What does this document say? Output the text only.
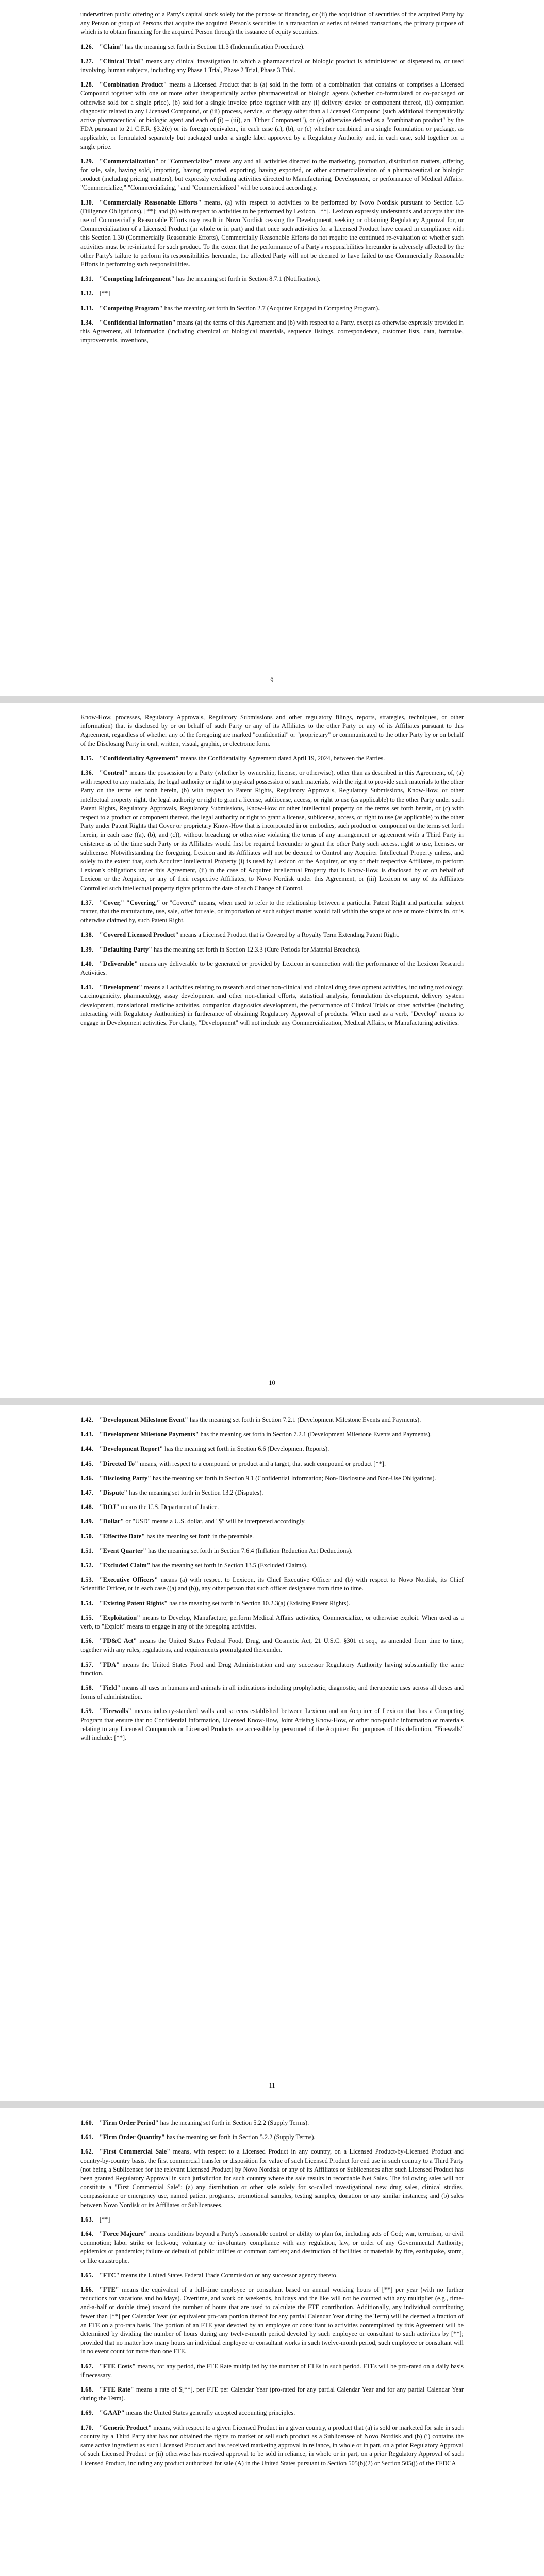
underwritten public offering of a Party's capital stock solely for the purpose of financing, or (ii) the acquisition of securities of the acquired Party by any Person or group of Persons that acquire the acquired Person's securities in a transaction or series of related transactions, the primary purpose of which is to obtain financing for the acquired Person through the issuance of equity securities.

1.26. "Claim" has the meaning set forth in Section 11.3 (Indemnification Procedure).

1.27. "Clinical Trial" means any clinical investigation in which a pharmaceutical or biologic product is administered or dispensed to, or used involving, human subjects, including any Phase 1 Trial, Phase 2 Trial, Phase 3 Trial.

1.28. "Combination Product" means a Licensed Product that is (a) sold in the form of a combination that contains or comprises a Licensed Compound together with one or more other therapeutically active pharmaceutical or biologic agents (whether co-formulated or co-packaged or otherwise sold for a single price), (b) sold for a single invoice price together with any (i) delivery device or component thereof, (ii) companion diagnostic related to any Licensed Compound, or (iii) process, service, or therapy other than a Licensed Compound (such additional therapeutically active pharmaceutical or biologic agent and each of (i) – (iii), an "Other Component"), or (c) otherwise defined as a "combination product" by the FDA pursuant to 21 C.F.R. §3.2(e) or its foreign equivalent, in each case (a), (b), or (c) whether combined in a single formulation or package, as applicable, or formulated separately but packaged under a single label approved by a Regulatory Authority and, in each case, sold together for a single price.

1.29. "Commercialization" or "Commercialize" means any and all activities directed to the marketing, promotion, distribution matters, offering for sale, sale, having sold, importing, having imported, exporting, having exported, or other commercialization of a pharmaceutical or biologic product (including pricing matters), but expressly excluding activities directed to Manufacturing, Development, or performance of Medical Affairs. "Commercialize," "Commercializing," and "Commercialized" will be construed accordingly.

1.30. "Commercially Reasonable Efforts" means, (a) with respect to activities to be performed by Novo Nordisk pursuant to Section 6.5 (Diligence Obligations), [**]; and (b) with respect to activities to be performed by Lexicon, [**]. Lexicon expressly understands and accepts that the use of Commercially Reasonable Efforts may result in Novo Nordisk ceasing the Development, seeking or obtaining Regulatory Approval for, or Commercialization of a Licensed Product (in whole or in part) and that once such activities for a Licensed Product have ceased in compliance with this Section 1.30 (Commercially Reasonable Efforts), Commercially Reasonable Efforts do not require the continued re-evaluation of whether such activities must be re-initiated for such product. To the extent that the performance of a Party's responsibilities hereunder is adversely affected by the other Party's failure to perform its responsibilities hereunder, the affected Party will not be deemed to have failed to use Commercially Reasonable Efforts in performing such responsibilities.

1.31. "Competing Infringement" has the meaning set forth in Section 8.7.1 (Notification).

1.32. [**]

1.33. "Competing Program" has the meaning set forth in Section 2.7 (Acquirer Engaged in Competing Program).

1.34. "Confidential Information" means (a) the terms of this Agreement and (b) with respect to a Party, except as otherwise expressly provided in this Agreement, all information (including chemical or biological materials, sequence listings, correspondence, customer lists, data, formulae, improvements, inventions,

9

Know-How, processes, Regulatory Approvals, Regulatory Submissions and other regulatory filings, reports, strategies, techniques, or other information) that is disclosed by or on behalf of such Party or any of its Affiliates to the other Party or any of its Affiliates pursuant to this Agreement, regardless of whether any of the foregoing are marked "confidential" or "proprietary" or communicated to the other Party by or on behalf of the Disclosing Party in oral, written, visual, graphic, or electronic form.

1.35. "Confidentiality Agreement" means the Confidentiality Agreement dated April 19, 2024, between the Parties.

1.36. "Control" means the possession by a Party (whether by ownership, license, or otherwise), other than as described in this Agreement, of, (a) with respect to any materials, the legal authority or right to physical possession of such materials, with the right to provide such materials to the other Party on the terms set forth herein, (b) with respect to Patent Rights, Regulatory Approvals, Regulatory Submissions, Know-How, or other intellectual property right, the legal authority or right to grant a license, sublicense, access, or right to use (as applicable) to the other Party under such Patent Rights, Regulatory Approvals, Regulatory Submissions, Know-How or other intellectual property on the terms set forth herein, or (c) with respect to a product or component thereof, the legal authority or right to grant a license, sublicense, access, or right to use (as applicable) to the other Party under Patent Rights that Cover or proprietary Know-How that is incorporated in or embodies, such product or component on the terms set forth herein, in each case ((a), (b), and (c)), without breaching or otherwise violating the terms of any arrangement or agreement with a Third Party in existence as of the time such Party or its Affiliates would first be required hereunder to grant the other Party such access, right to use, licenses, or sublicense. Notwithstanding the foregoing, Lexicon and its Affiliates will not be deemed to Control any Acquirer Intellectual Property unless, and solely to the extent that, such Acquirer Intellectual Property (i) is used by Lexicon or the Acquirer, or any of their respective Affiliates, to perform Lexicon's obligations under this Agreement, (ii) in the case of Acquirer Intellectual Property that is Know-How, is disclosed by or on behalf of Lexicon or the Acquirer, or any of their respective Affiliates, to Novo Nordisk under this Agreement, or (iii) Lexicon or any of its Affiliates Controlled such intellectual property rights prior to the date of such Change of Control.

1.37. "Cover," "Covering," or "Covered" means, when used to refer to the relationship between a particular Patent Right and particular subject matter, that the manufacture, use, sale, offer for sale, or importation of such subject matter would fall within the scope of one or more claims in, or is otherwise claimed by, such Patent Right.

1.38. "Covered Licensed Product" means a Licensed Product that is Covered by a Royalty Term Extending Patent Right.

1.39. "Defaulting Party" has the meaning set forth in Section 12.3.3 (Cure Periods for Material Breaches).

1.40. "Deliverable" means any deliverable to be generated or provided by Lexicon in connection with the performance of the Lexicon Research Activities.

1.41. "Development" means all activities relating to research and other non-clinical and clinical drug development activities, including toxicology, carcinogenicity, pharmacology, assay development and other non-clinical efforts, statistical analysis, formulation development, delivery system development, translational medicine activities, companion diagnostics development, the performance of Clinical Trials or other activities (including interacting with Regulatory Authorities) in furtherance of obtaining Regulatory Approval of products. When used as a verb, "Develop" means to engage in Development activities. For clarity, "Development" will not include any Commercialization, Medical Affairs, or Manufacturing activities.

10

1.42. "Development Milestone Event" has the meaning set forth in Section 7.2.1 (Development Milestone Events and Payments).

1.43. "Development Milestone Payments" has the meaning set forth in Section 7.2.1 (Development Milestone Events and Payments).

1.44. "Development Report" has the meaning set forth in Section 6.6 (Development Reports).

1.45. "Directed To" means, with respect to a compound or product and a target, that such compound or product [**].

1.46. "Disclosing Party" has the meaning set forth in Section 9.1 (Confidential Information; Non-Disclosure and Non-Use Obligations).

1.47. "Dispute" has the meaning set forth in Section 13.2 (Disputes).

1.48. "DOJ" means the U.S. Department of Justice.

1.49. "Dollar" or "USD" means a U.S. dollar, and "$" will be interpreted accordingly.

1.50. "Effective Date" has the meaning set forth in the preamble.

1.51. "Event Quarter" has the meaning set forth in Section 7.6.4 (Inflation Reduction Act Deductions).

1.52. "Excluded Claim" has the meaning set forth in Section 13.5 (Excluded Claims).

1.53. "Executive Officers" means (a) with respect to Lexicon, its Chief Executive Officer and (b) with respect to Novo Nordisk, its Chief Scientific Officer, or in each case ((a) and (b)), any other person that such officer designates from time to time.

1.54. "Existing Patent Rights" has the meaning set forth in Section 10.2.3(a) (Existing Patent Rights).

1.55. "Exploitation" means to Develop, Manufacture, perform Medical Affairs activities, Commercialize, or otherwise exploit. When used as a verb, to "Exploit" means to engage in any of the foregoing activities.

1.56. "FD&C Act" means the United States Federal Food, Drug, and Cosmetic Act, 21 U.S.C. §301 et seq., as amended from time to time, together with any rules, regulations, and requirements promulgated thereunder.

1.57. "FDA" means the United States Food and Drug Administration and any successor Regulatory Authority having substantially the same function.

1.58. "Field" means all uses in humans and animals in all indications including prophylactic, diagnostic, and therapeutic uses across all doses and forms of administration.

1.59. "Firewalls" means industry-standard walls and screens established between Lexicon and an Acquirer of Lexicon that has a Competing Program that ensure that no Confidential Information, Licensed Know-How, Joint Arising Know-How, or other non-public information or materials relating to any Licensed Compounds or Licensed Products are accessible by personnel of the Acquirer. For purposes of this definition, "Firewalls" will include: [**].

11

1.60. "Firm Order Period" has the meaning set forth in Section 5.2.2 (Supply Terms).

1.61. "Firm Order Quantity" has the meaning set forth in Section 5.2.2 (Supply Terms).

1.62. "First Commercial Sale" means, with respect to a Licensed Product in any country, on a Licensed Product-by-Licensed Product and country-by-country basis, the first commercial transfer or disposition for value of such Licensed Product for end use in such country to a Third Party (not being a Sublicensee for the relevant Licensed Product) by Novo Nordisk or any of its Affiliates or Sublicensees after such Licensed Product has been granted Regulatory Approval in such jurisdiction for such country where the sale results in recordable Net Sales. The following sales will not constitute a "First Commercial Sale": (a) any distribution or other sale solely for so-called investigational new drug sales, clinical studies, compassionate or emergency use, named patient programs, promotional samples, testing samples, donation or any similar instances; and (b) sales between Novo Nordisk or its Affiliates or Sublicensees.

1.63. [**]

1.64. "Force Majeure" means conditions beyond a Party's reasonable control or ability to plan for, including acts of God; war, terrorism, or civil commotion; labor strike or lock-out; voluntary or involuntary compliance with any regulation, law, or order of any Governmental Authority; epidemics or pandemics; failure or default of public utilities or common carriers; and destruction of facilities or materials by fire, earthquake, storm, or like catastrophe.

1.65. "FTC" means the United States Federal Trade Commission or any successor agency thereto.

1.66. "FTE" means the equivalent of a full-time employee or consultant based on annual working hours of [**] per year (with no further reductions for vacations and holidays). Overtime, and work on weekends, holidays and the like will not be counted with any multiplier (e.g., time-and-a-half or double time) toward the number of hours that are used to calculate the FTE contribution. Additionally, any individual contributing fewer than [**] per Calendar Year (or equivalent pro-rata portion thereof for any partial Calendar Year during the Term) will be deemed a fraction of an FTE on a pro-rata basis. The portion of an FTE year devoted by an employee or consultant to activities contemplated by this Agreement will be determined by dividing the number of hours during any twelve-month period devoted by such employee or consultant to such activities by [**]; provided that no matter how many hours an individual employee or consultant works in such twelve-month period, such employee or consultant will in no event count for more than one FTE.

1.67. "FTE Costs" means, for any period, the FTE Rate multiplied by the number of FTEs in such period. FTEs will be pro-rated on a daily basis if necessary.

1.68. "FTE Rate" means a rate of $[**], per FTE per Calendar Year (pro-rated for any partial Calendar Year and for any partial Calendar Year during the Term).

1.69. "GAAP" means the United States generally accepted accounting principles.

1.70. "Generic Product" means, with respect to a given Licensed Product in a given country, a product that (a) is sold or marketed for sale in such country by a Third Party that has not obtained the rights to market or sell such product as a Sublicensee of Novo Nordisk and (b) (i) contains the same active ingredient as such Licensed Product and has received marketing approval in reliance, in whole or in part, on a prior Regulatory Approval of such Licensed Product or (ii) otherwise has received approval to be sold in reliance, in whole or in part, on a prior Regulatory Approval of such Licensed Product, including any product authorized for sale (A) in the United States pursuant to Section 505(b)(2) or Section 505(j) of the FFDCA
